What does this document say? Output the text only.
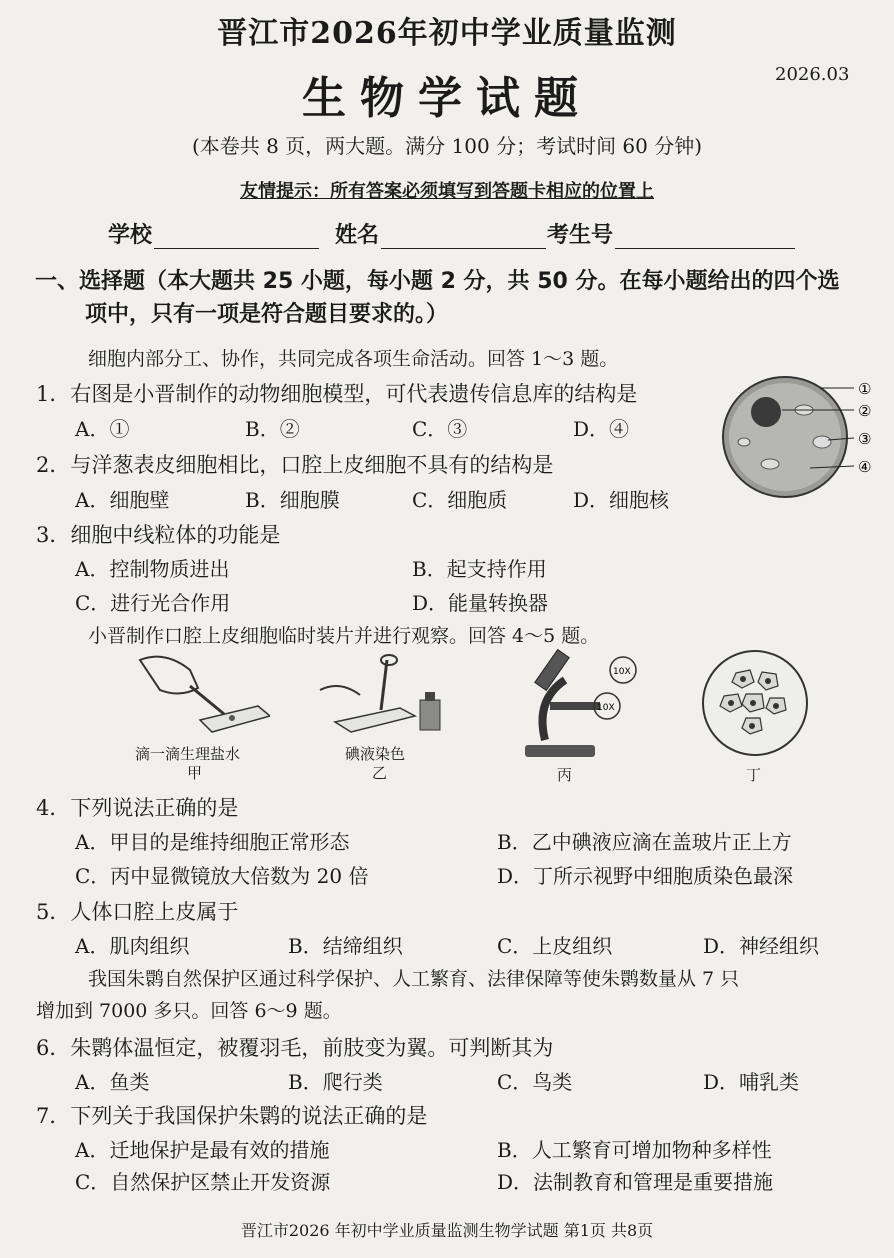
晋江市2026年初中学业质量监测
生物学试题	2026.03
(本卷共 8 页，两大题。满分 100 分；考试时间 60 分钟)
友情提示：所有答案必须填写到答题卡相应的位置上
学校	姓名	考生号
一、选择题（本大题共 25 小题，每小题 2 分，共 50 分。在每小题给出的四个选
项中，只有一项是符合题目要求的。）
细胞内部分工、协作，共同完成各项生命活动。回答 1～3 题。
1．右图是小晋制作的动物细胞模型，可代表遗传信息库的结构是
A．①	B．②	C．③	D．④
①
②
③
④
2．与洋葱表皮细胞相比，口腔上皮细胞不具有的结构是
A．细胞壁	B．细胞膜	C．细胞质	D．细胞核
3．细胞中线粒体的功能是
A．控制物质进出	B．起支持作用
C．进行光合作用	D．能量转换器
小晋制作口腔上皮细胞临时装片并进行观察。回答 4～5 题。
滴一滴生理盐水
甲
碘液染色
乙
10X
10X
丙	丁
4．下列说法正确的是
A．甲目的是维持细胞正常形态	B．乙中碘液应滴在盖玻片正上方
C．丙中显微镜放大倍数为 20 倍	D．丁所示视野中细胞质染色最深
5．人体口腔上皮属于
A．肌肉组织	B．结缔组织	C．上皮组织	D．神经组织
我国朱鹮自然保护区通过科学保护、人工繁育、法律保障等使朱鹮数量从 7 只
增加到 7000 多只。回答 6～9 题。
6．朱鹮体温恒定，被覆羽毛，前肢变为翼。可判断其为
A．鱼类	B．爬行类	C．鸟类	D．哺乳类
7．下列关于我国保护朱鹮的说法正确的是
A．迁地保护是最有效的措施	B．人工繁育可增加物种多样性
C．自然保护区禁止开发资源	D．法制教育和管理是重要措施
晋江市2026 年初中学业质量监测生物学试题 第1页 共8页
